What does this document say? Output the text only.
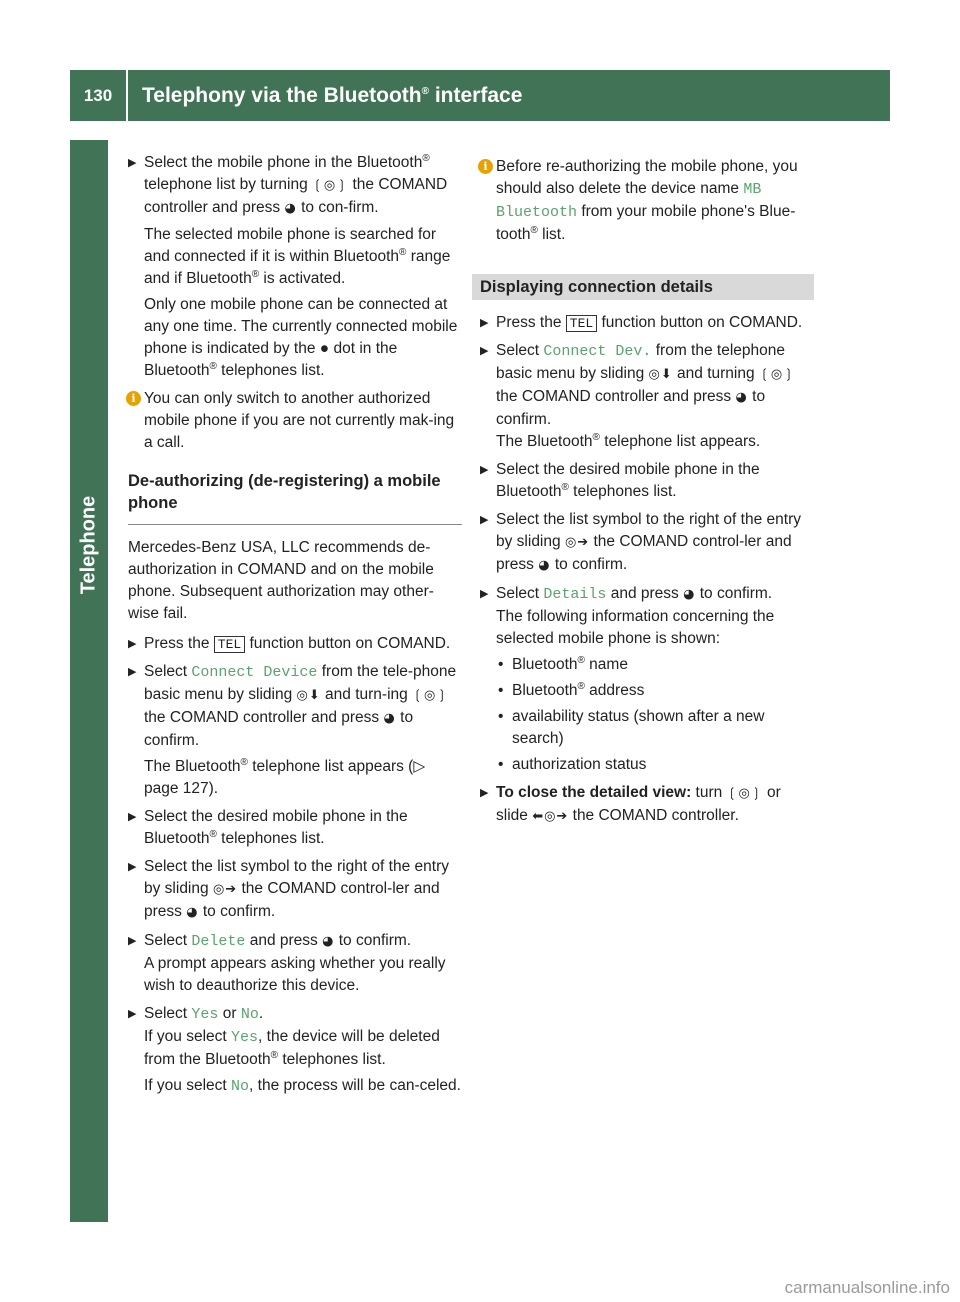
130	Telephony via the Bluetooth® interface
Telephone
▶ Select the mobile phone in the Bluetooth® telephone list by turning ❲◎❳ the COMAND controller and press ◕ to con-firm.
The selected mobile phone is searched for and connected if it is within Bluetooth® range and if Bluetooth® is activated.
Only one mobile phone can be connected at any one time. The currently connected mobile phone is indicated by the ● dot in the Bluetooth® telephones list.
i You can only switch to another authorized mobile phone if you are not currently mak-ing a call.
De-authorizing (de-registering) a mobile phone
Mercedes-Benz USA, LLC recommends de-authorization in COMAND and on the mobile phone. Subsequent authorization may other-wise fail.
▶ Press the TEL function button on COMAND.
▶ Select Connect Device from the tele-phone basic menu by sliding ◎⬇ and turn-ing ❲◎❳ the COMAND controller and press ◕ to confirm.
The Bluetooth® telephone list appears (▷ page 127).
▶ Select the desired mobile phone in the Bluetooth® telephones list.
▶ Select the list symbol to the right of the entry by sliding ◎➔ the COMAND control-ler and press ◕ to confirm.
▶ Select Delete and press ◕ to confirm.
A prompt appears asking whether you really wish to deauthorize this device.
▶ Select Yes or No.
If you select Yes, the device will be deleted from the Bluetooth® telephones list.
If you select No, the process will be can-celed.
i Before re-authorizing the mobile phone, you should also delete the device name MB Bluetooth from your mobile phone's Blue-tooth® list.
Displaying connection details
▶ Press the TEL function button on COMAND.
▶ Select Connect Dev. from the telephone basic menu by sliding ◎⬇ and turning ❲◎❳ the COMAND controller and press ◕ to confirm.
The Bluetooth® telephone list appears.
▶ Select the desired mobile phone in the Bluetooth® telephones list.
▶ Select the list symbol to the right of the entry by sliding ◎➔ the COMAND control-ler and press ◕ to confirm.
▶ Select Details and press ◕ to confirm.
The following information concerning the selected mobile phone is shown:
• Bluetooth® name
• Bluetooth® address
• availability status (shown after a new search)
• authorization status
▶ To close the detailed view: turn ❲◎❳ or slide ⬅◎➔ the COMAND controller.
carmanualsonline.info
